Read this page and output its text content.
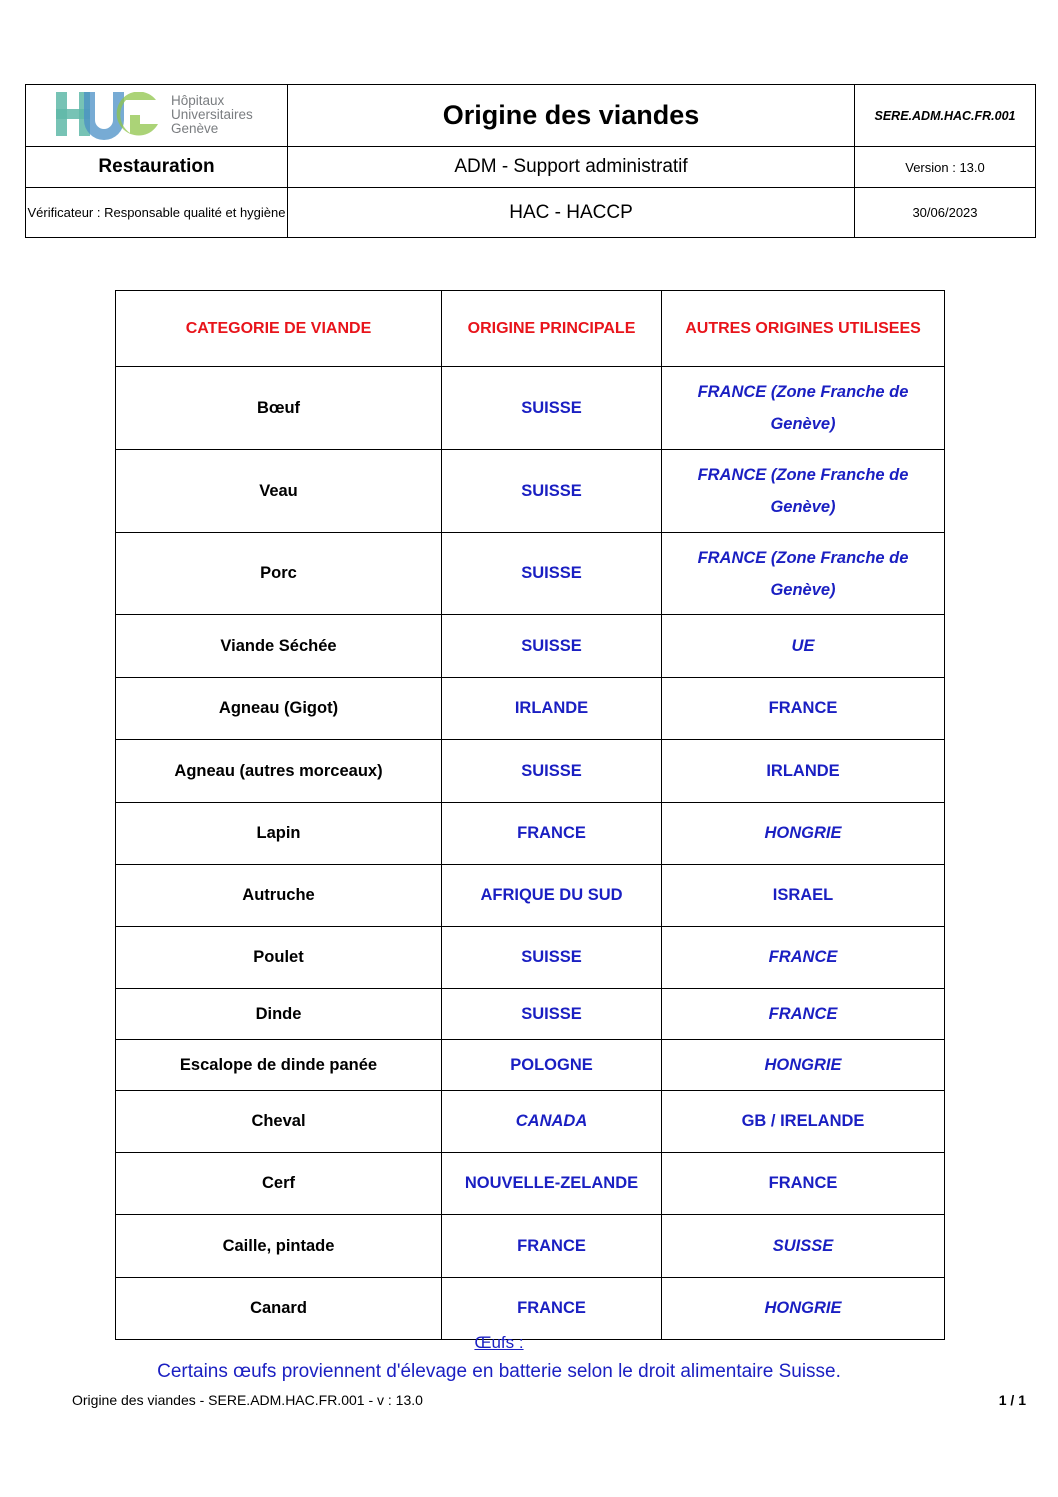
Hôpitaux
Universitaires
Genève	Origine des viandes	SERE.ADM.HAC.FR.001
Restauration	ADM - Support administratif	Version : 13.0
Vérificateur : Responsable qualité et hygiène	HAC - HACCP	30/06/2023
CATEGORIE DE VIANDE	ORIGINE PRINCIPALE	AUTRES ORIGINES UTILISEES
Bœuf	SUISSE	FRANCE (Zone Franche de Genève)
Veau	SUISSE	FRANCE (Zone Franche de Genève)
Porc	SUISSE	FRANCE (Zone Franche de Genève)
Viande Séchée	SUISSE	UE
Agneau (Gigot)	IRLANDE	FRANCE
Agneau (autres morceaux)	SUISSE	IRLANDE
Lapin	FRANCE	HONGRIE
Autruche	AFRIQUE DU SUD	ISRAEL
Poulet	SUISSE	FRANCE
Dinde	SUISSE	FRANCE
Escalope de dinde panée	POLOGNE	HONGRIE
Cheval	CANADA	GB / IRELANDE
Cerf	NOUVELLE-ZELANDE	FRANCE
Caille, pintade	FRANCE	SUISSE
Canard	FRANCE	HONGRIE
Œufs :
Certains œufs proviennent d'élevage en batterie selon le droit alimentaire Suisse.
Origine des viandes - SERE.ADM.HAC.FR.001 - v : 13.0	1 / 1
